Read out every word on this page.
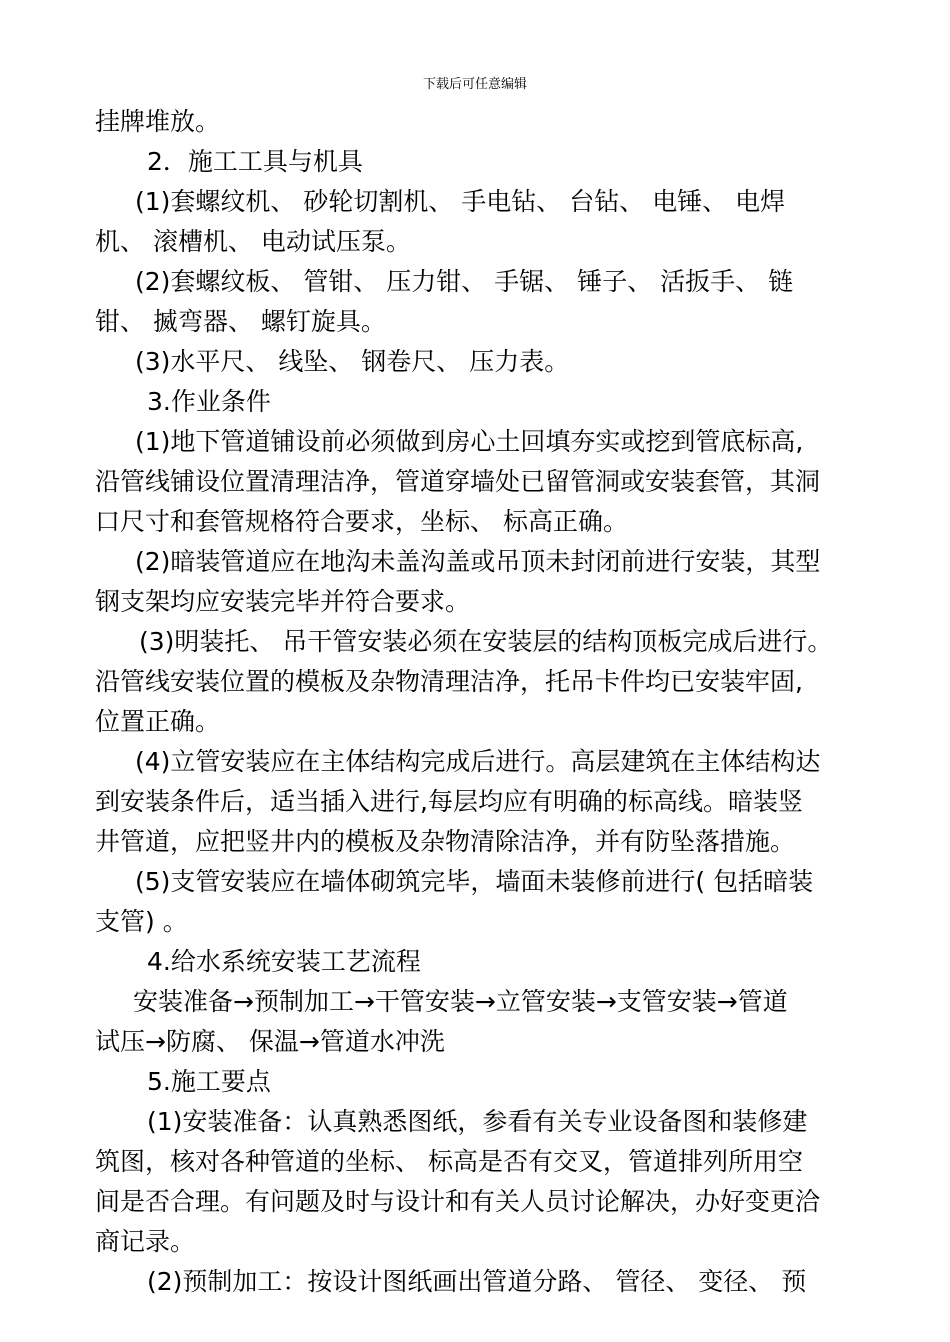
下载后可任意编辑
挂牌堆放。
2．施工工具与机具
(1)套螺纹机、 砂轮切割机、 手电钻、 台钻、 电锤、 电焊
机、 滚槽机、 电动试压泵。
(2)套螺纹板、 管钳、 压力钳、 手锯、 锤子、 活扳手、 链
钳、 揻弯器、 螺钉旋具。
(3)水平尺、 线坠、 钢卷尺、 压力表。
3.作业条件
(1)地下管道铺设前必须做到房心土回填夯实或挖到管底标高,
沿管线铺设位置清理洁净，管道穿墙处已留管洞或安装套管，其洞
口尺寸和套管规格符合要求，坐标、 标高正确。
(2)暗装管道应在地沟未盖沟盖或吊顶未封闭前进行安装，其型
钢支架均应安装完毕并符合要求。
(3)明装托、 吊干管安装必须在安装层的结构顶板完成后进行。
沿管线安装位置的模板及杂物清理洁净，托吊卡件均已安装牢固,
位置正确。
(4)立管安装应在主体结构完成后进行。高层建筑在主体结构达
到安装条件后，适当插入进行,每层均应有明确的标高线。暗装竖
井管道，应把竖井内的模板及杂物清除洁净，并有防坠落措施。
(5)支管安装应在墙体砌筑完毕，墙面未装修前进行( 包括暗装
支管) 。
4.给水系统安装工艺流程
安装准备→预制加工→干管安装→立管安装→支管安装→管道
试压→防腐、 保温→管道水冲洗
5.施工要点
(1)安装准备：认真熟悉图纸，参看有关专业设备图和装修建
筑图，核对各种管道的坐标、 标高是否有交叉，管道排列所用空
间是否合理。有问题及时与设计和有关人员讨论解决，办好变更洽
商记录。
(2)预制加工：按设计图纸画出管道分路、 管径、 变径、 预
